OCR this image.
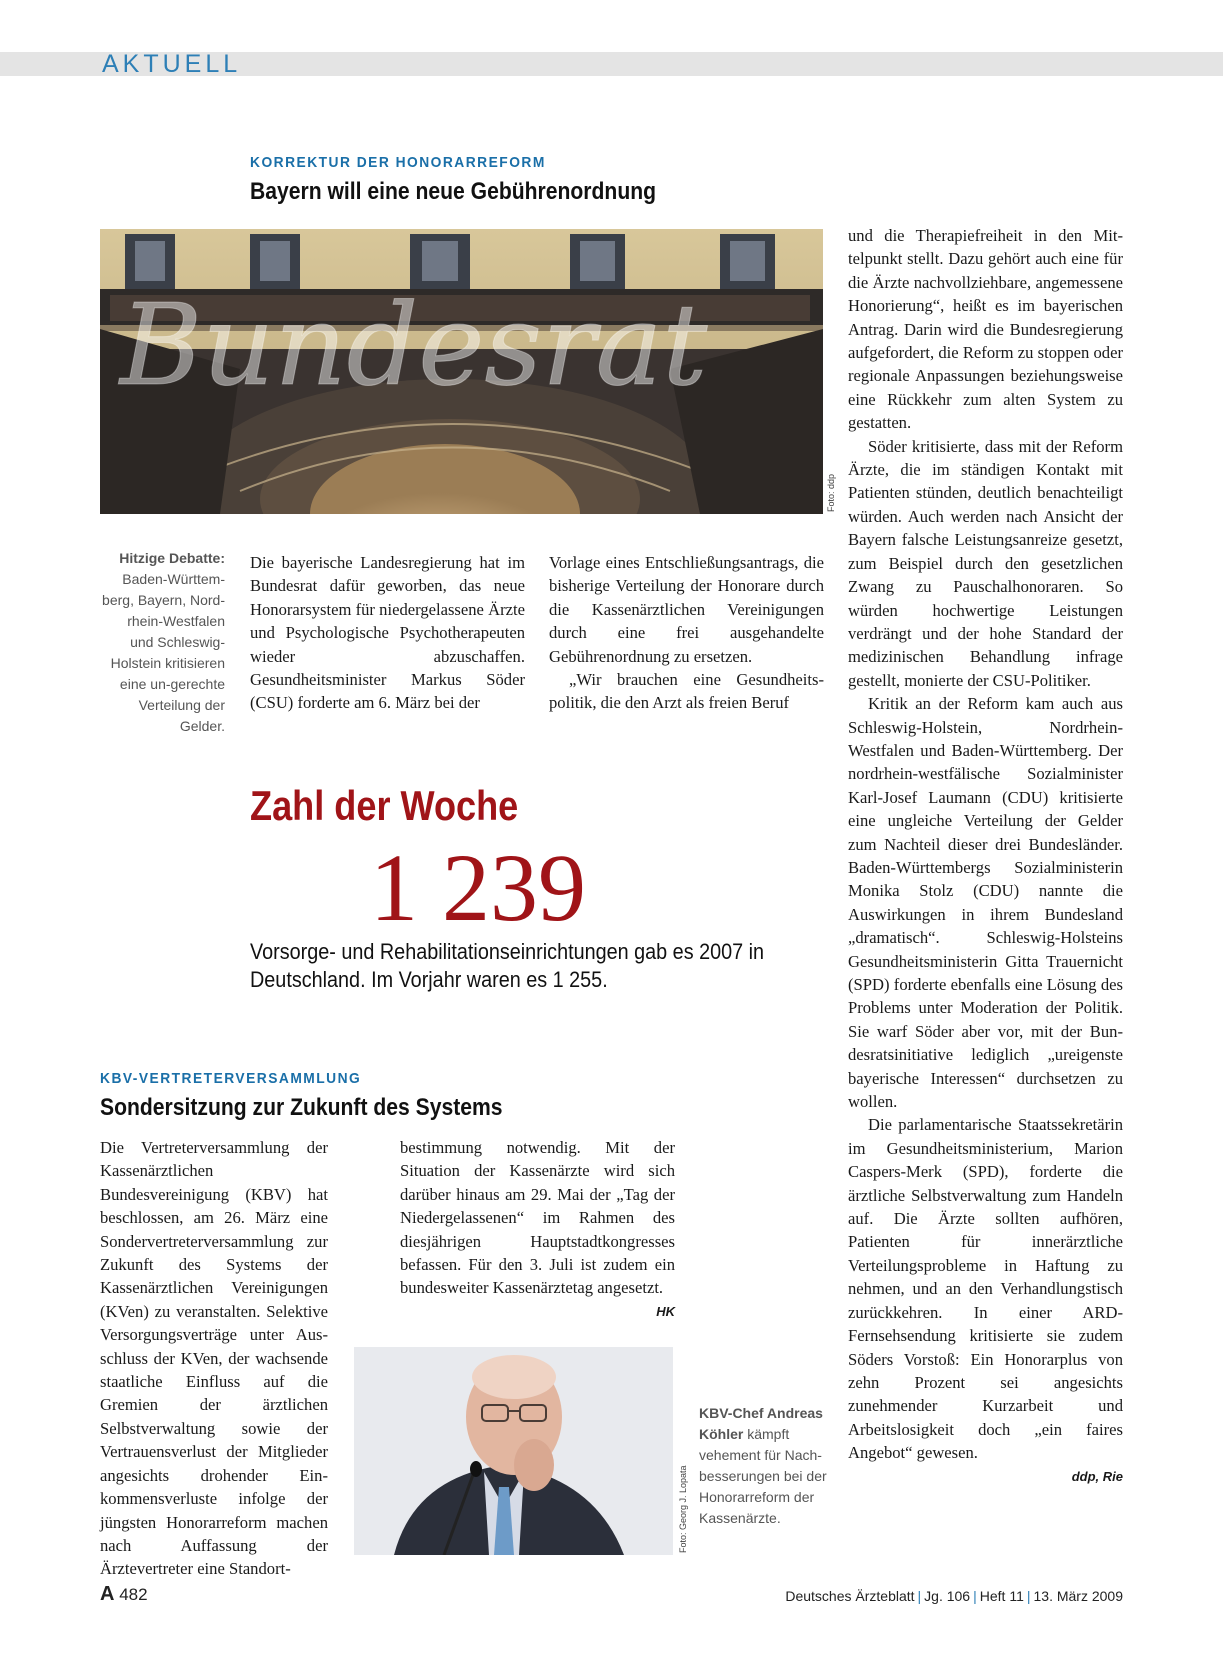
AKTUELL
KORREKTUR DER HONORARREFORM
Bayern will eine neue Gebührenordnung
Bundesrat
Foto: ddp
Hitzige Debatte:
Baden-Württem-berg, Bayern, Nord-rhein-Westfalen und Schleswig-Holstein kritisieren eine un-gerechte Verteilung der Gelder.

Die bayerische Landesregierung hat im Bundesrat dafür geworben, das neue Honorarsystem für niedergelassene Ärzte und Psychologische Psychotherapeuten wieder abzuschaffen. Gesundheitsminister Markus Söder (CSU) forderte am 6. März bei der

Vorlage eines Entschließungsantrags, die bisherige Verteilung der Honorare durch die Kassenärztlichen Vereinigungen durch eine frei ausgehandelte Gebührenordnung zu ersetzen.

„Wir brauchen eine Gesundheitspolitik, die den Arzt als freien Beruf

und die Therapiefreiheit in den Mittelpunkt stellt. Dazu gehört auch eine für die Ärzte nachvollziehbare, angemessene Honorierung“, heißt es im bayerischen Antrag. Darin wird die Bundesregierung aufgefordert, die Reform zu stoppen oder regionale Anpassungen beziehungsweise eine Rückkehr zum alten System zu gestatten.

Söder kritisierte, dass mit der Reform Ärzte, die im ständigen Kontakt mit Patienten stünden, deutlich benachteiligt würden. Auch werden nach Ansicht der Bayern falsche Leistungsanreize gesetzt, zum Beispiel durch den gesetzlichen Zwang zu Pauschalhonoraren. So würden hochwertige Leistungen verdrängt und der hohe Standard der medizinischen Behandlung infrage gestellt, monierte der CSU-Politiker.

Kritik an der Reform kam auch aus Schleswig-Holstein, Nordrhein-Westfalen und Baden-Württemberg. Der nordrhein-westfälische Sozialminister Karl-Josef Laumann (CDU) kritisierte eine ungleiche Verteilung der Gelder zum Nachteil dieser drei Bundesländer. Baden-Württembergs Sozialministerin Monika Stolz (CDU) nannte die Auswirkungen in ihrem Bundesland „dramatisch“. Schleswig-Holsteins Gesundheitsministerin Gitta Trauernicht (SPD) forderte ebenfalls eine Lösung des Problems unter Moderation der Politik. Sie warf Söder aber vor, mit der Bundesratsinitiative lediglich „ureigenste bayerische Interessen“ durchsetzen zu wollen.

Die parlamentarische Staatssekretärin im Gesundheitsministerium, Marion Caspers-Merk (SPD), forderte die ärztliche Selbstverwaltung zum Handeln auf. Die Ärzte sollten aufhören, Patienten für innerärztliche Verteilungsprobleme in Haftung zu nehmen, und an den Verhandlungstisch zurückkehren. In einer ARD-Fernsehsendung kritisierte sie zudem Söders Vorstoß: Ein Honorarplus von zehn Prozent sei angesichts zunehmender Kurzarbeit und Arbeitslosigkeit doch „ein faires Angebot“ gewesen.

ddp, Rie

Zahl der Woche
1 239
Vorsorge- und Rehabilitationseinrichtungen gab es 2007 in Deutschland. Im Vorjahr waren es 1 255.
KBV-VERTRETERVERSAMMLUNG
Sondersitzung zur Zukunft des Systems

Die Vertreterversammlung der Kassenärztlichen Bundesvereinigung (KBV) hat beschlossen, am 26. März eine Sondervertreterversammlung zur Zukunft des Systems der Kassenärztlichen Vereinigungen (KVen) zu veranstalten. Selektive Versorgungsverträge unter Ausschluss der KVen, der wachsende staatliche Einfluss auf die Gremien der ärztlichen Selbstverwaltung sowie der Vertrauensverlust der Mitglieder angesichts drohender Einkommensverluste infolge der jüngsten Honorarreform machen nach Auffassung der Ärztevertreter eine Standort-

bestimmung notwendig. Mit der Situation der Kassenärzte wird sich darüber hinaus am 29. Mai der „Tag der Niedergelassenen“ im Rahmen des diesjährigen Hauptstadtkongresses befassen. Für den 3. Juli ist zudem ein bundesweiter Kassenärztetag angesetzt.

HK

Foto: Georg J. Lopata
KBV-Chef Andreas Köhler kämpft vehement für Nachbesserungen bei der Honorarreform der Kassenärzte.
A 482	Deutsches Ärzteblatt | Jg. 106 | Heft 11 | 13. März 2009
